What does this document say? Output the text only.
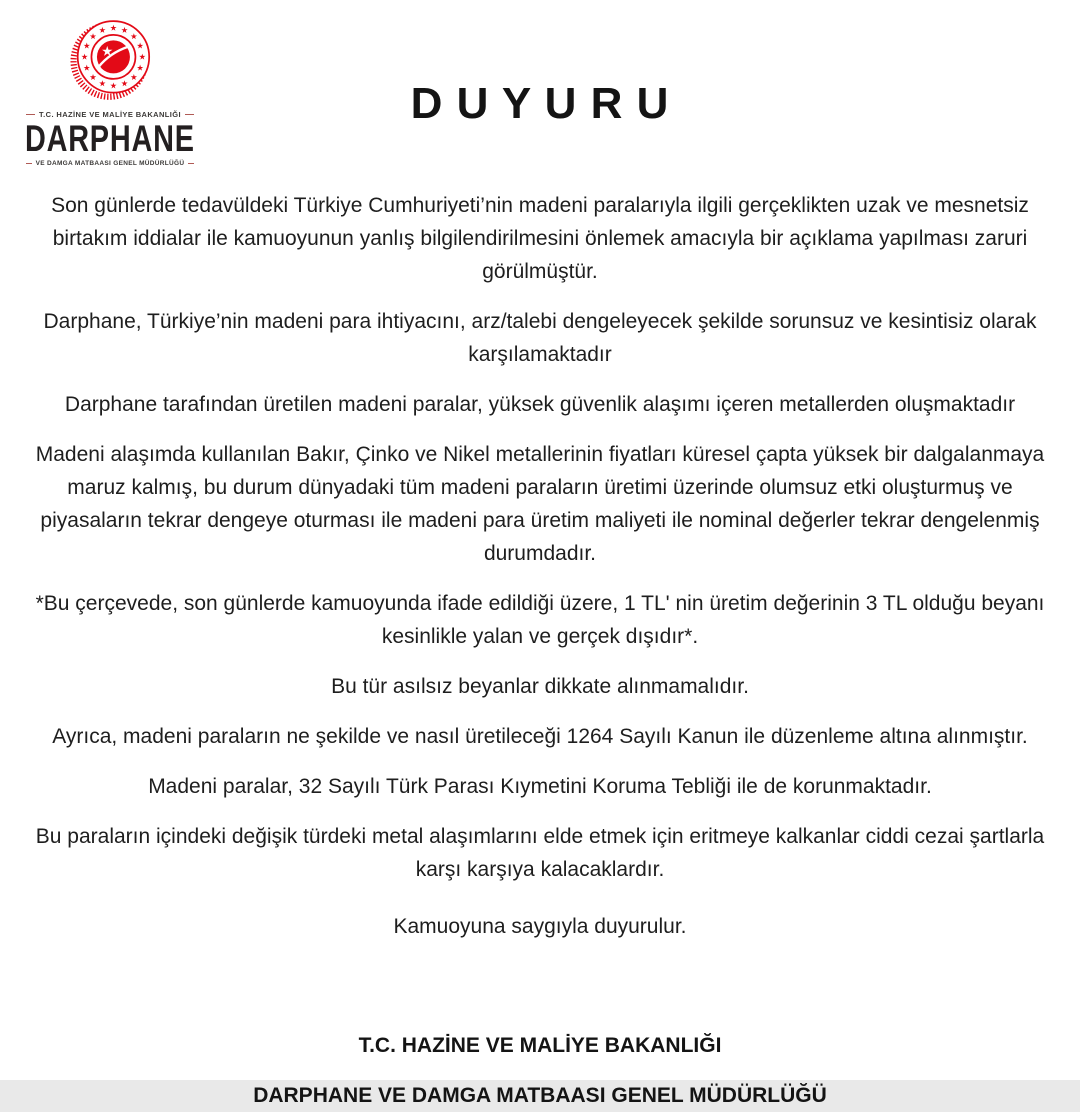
T.C. HAZİNE VE MALİYE BAKANLIĞI
DARPHANE
VE DAMGA MATBAASI GENEL MÜDÜRLÜĞÜ
D U Y U R U

Son günlerde tedavüldeki Türkiye Cumhuriyeti’nin madeni paralarıyla ilgili gerçeklikten uzak ve mesnetsiz birtakım iddialar ile kamuoyunun yanlış bilgilendirilmesini önlemek amacıyla bir açıklama yapılması zaruri görülmüştür.

Darphane, Türkiye’nin madeni para ihtiyacını, arz/talebi dengeleyecek şekilde sorunsuz ve kesintisiz olarak karşılamaktadır

Darphane tarafından üretilen madeni paralar, yüksek güvenlik alaşımı içeren metallerden oluşmaktadır

Madeni alaşımda kullanılan Bakır, Çinko ve Nikel metallerinin fiyatları küresel çapta yüksek bir dalgalanmaya maruz kalmış, bu durum dünyadaki tüm madeni paraların üretimi üzerinde olumsuz etki oluşturmuş ve piyasaların tekrar dengeye oturması ile madeni para üretim maliyeti ile nominal değerler tekrar dengelenmiş durumdadır.

*Bu çerçevede, son günlerde kamuoyunda ifade edildiği üzere, 1 TL' nin üretim değerinin 3 TL olduğu beyanı kesinlikle yalan ve gerçek dışıdır*.

Bu tür asılsız beyanlar dikkate alınmamalıdır.

Ayrıca, madeni paraların ne şekilde ve nasıl üretileceği 1264 Sayılı Kanun ile düzenleme altına alınmıştır.

Madeni paralar, 32 Sayılı Türk Parası Kıymetini Koruma Tebliği ile de korunmaktadır.

Bu paraların içindeki değişik türdeki metal alaşımlarını elde etmek için eritmeye kalkanlar ciddi cezai şartlarla karşı karşıya kalacaklardır.

Kamuoyuna saygıyla duyurulur.

T.C. HAZİNE VE MALİYE BAKANLIĞI

DARPHANE VE DAMGA MATBAASI GENEL MÜDÜRLÜĞÜ
